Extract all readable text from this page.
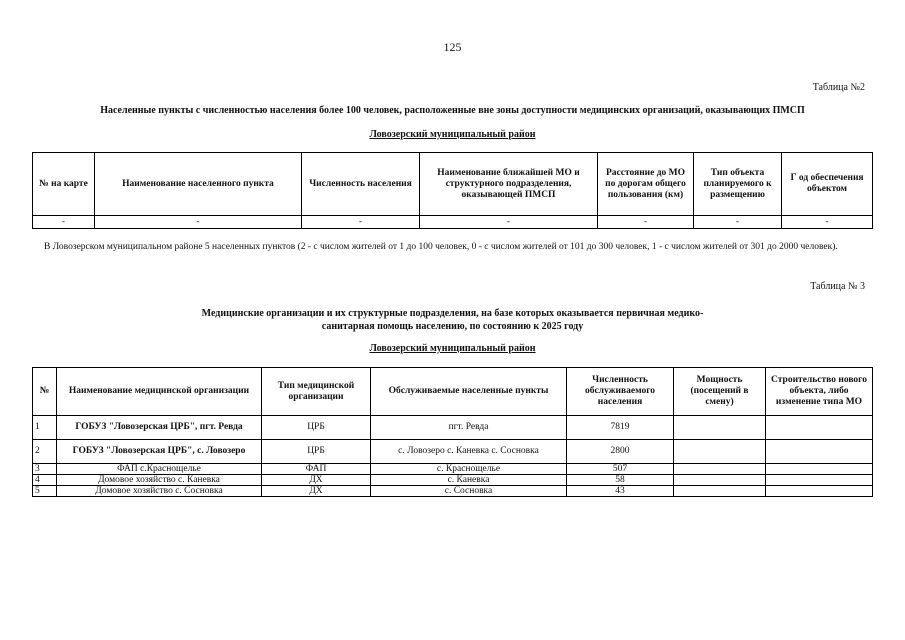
125
Таблица №2
Населенные пункты с численностью населения более 100 человек, расположенные вне зоны доступности медицинских организаций, оказывающих ПМСП
Ловозерский муниципальный район
№ на карте	Наименование населенного пункта	Численность населения	Наименование ближайшей МО и структурного подразделения, оказывающей ПМСП	Расстояние до МО по дорогам общего пользования (км)	Тип объекта планируемого к размещению	Г од обеспечения объектом
-	-	-	-	-	-	-
В Ловозерском муниципальном районе 5 населенных пунктов (2 - с числом жителей от 1 до 100 человек, 0 - с числом жителей от 101 до 300 человек, 1 - с числом жителей от 301 до 2000 человек).
Таблица № 3
Медицинские организации и их структурные подразделения, на базе которых оказывается первичная медико-
санитарная помощь населению, по состоянию к 2025 году
Ловозерский муниципальный район
№	Наименование медицинской организации	Тип медицинской организации	Обслуживаемые населенные пункты	Численность обслуживаемого населения	Мощность (посещений в смену)	Строительство нового объекта, либо изменение типа МО
1	ГОБУЗ "Ловозерская ЦРБ", пгт. Ревда	ЦРБ	пгт. Ревда	7819		
2	ГОБУЗ "Ловозерская ЦРБ", с. Ловозеро	ЦРБ	с. Ловозеро с. Каневка с. Сосновка	2800		
3	ФАП с.Краснощелье	ФАП	с. Краснощелье	507		
4	Домовое хозяйство с. Каневка	ДХ	с. Каневка	58		
5	Домовое хозяйство с. Сосновка	ДХ	с. Сосновка	43		
